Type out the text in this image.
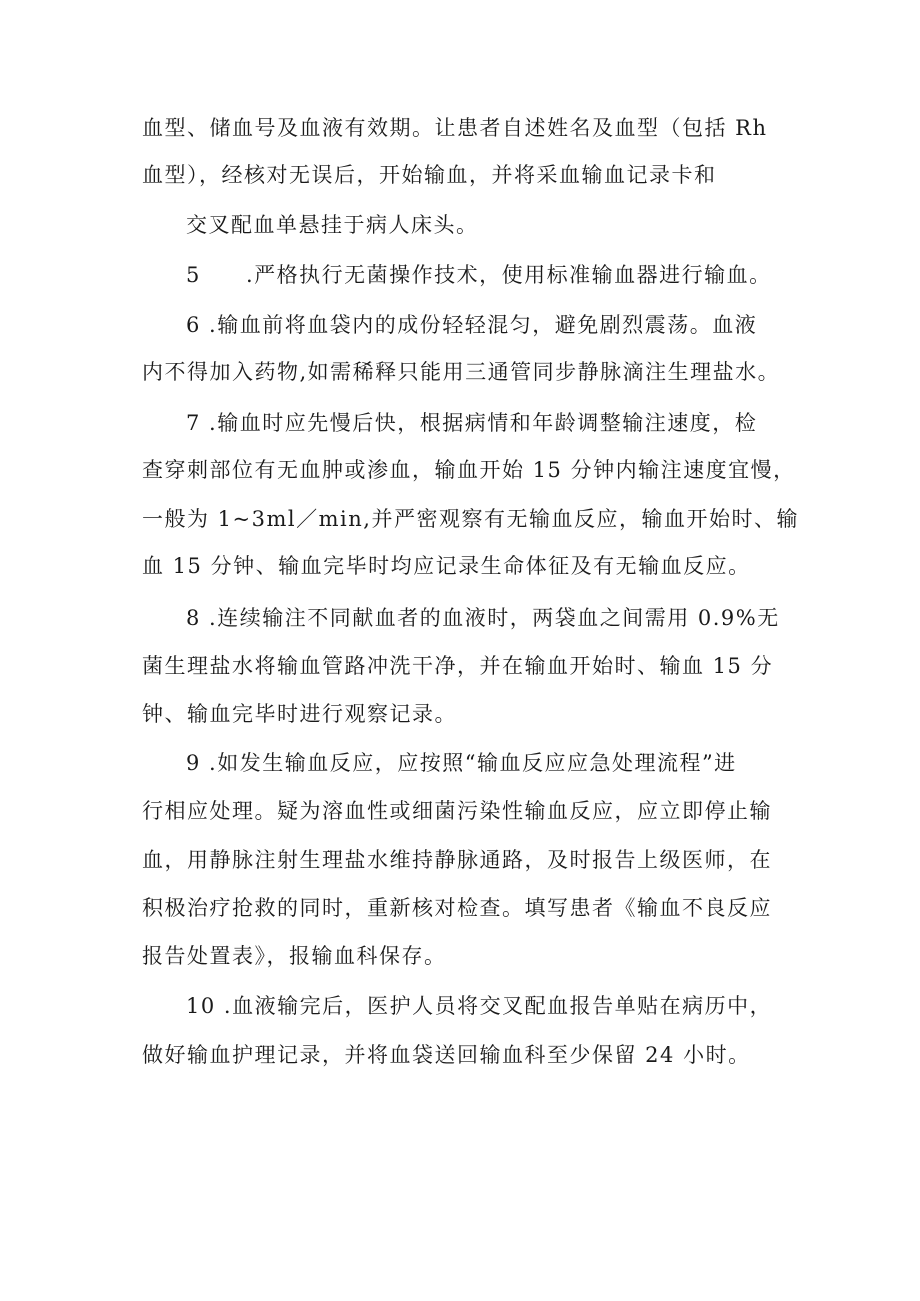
血型、储血号及血液有效期。让患者自述姓名及血型（包括 Rh
血型），经核对无误后，开始输血，并将采血输血记录卡和
交叉配血单悬挂于病人床头。
5 .严格执行无菌操作技术，使用标准输血器进行输血。
6 .输血前将血袋内的成份轻轻混匀，避免剧烈震荡。血液
内不得加入药物,如需稀释只能用三通管同步静脉滴注生理盐水。
7 .输血时应先慢后快，根据病情和年龄调整输注速度，检
查穿刺部位有无血肿或渗血，输血开始 15 分钟内输注速度宜慢，
一般为 1~3ml／min,并严密观察有无输血反应，输血开始时、输
血 15 分钟、输血完毕时均应记录生命体征及有无输血反应。
8 .连续输注不同献血者的血液时，两袋血之间需用 0.9%无
菌生理盐水将输血管路冲洗干净，并在输血开始时、输血 15 分
钟、输血完毕时进行观察记录。
9 .如发生输血反应，应按照“输血反应应急处理流程”进
行相应处理。疑为溶血性或细菌污染性输血反应，应立即停止输
血，用静脉注射生理盐水维持静脉通路，及时报告上级医师，在
积极治疗抢救的同时，重新核对检查。填写患者《输血不良反应
报告处置表》，报输血科保存。
10 .血液输完后，医护人员将交叉配血报告单贴在病历中，
做好输血护理记录，并将血袋送回输血科至少保留 24 小时。
